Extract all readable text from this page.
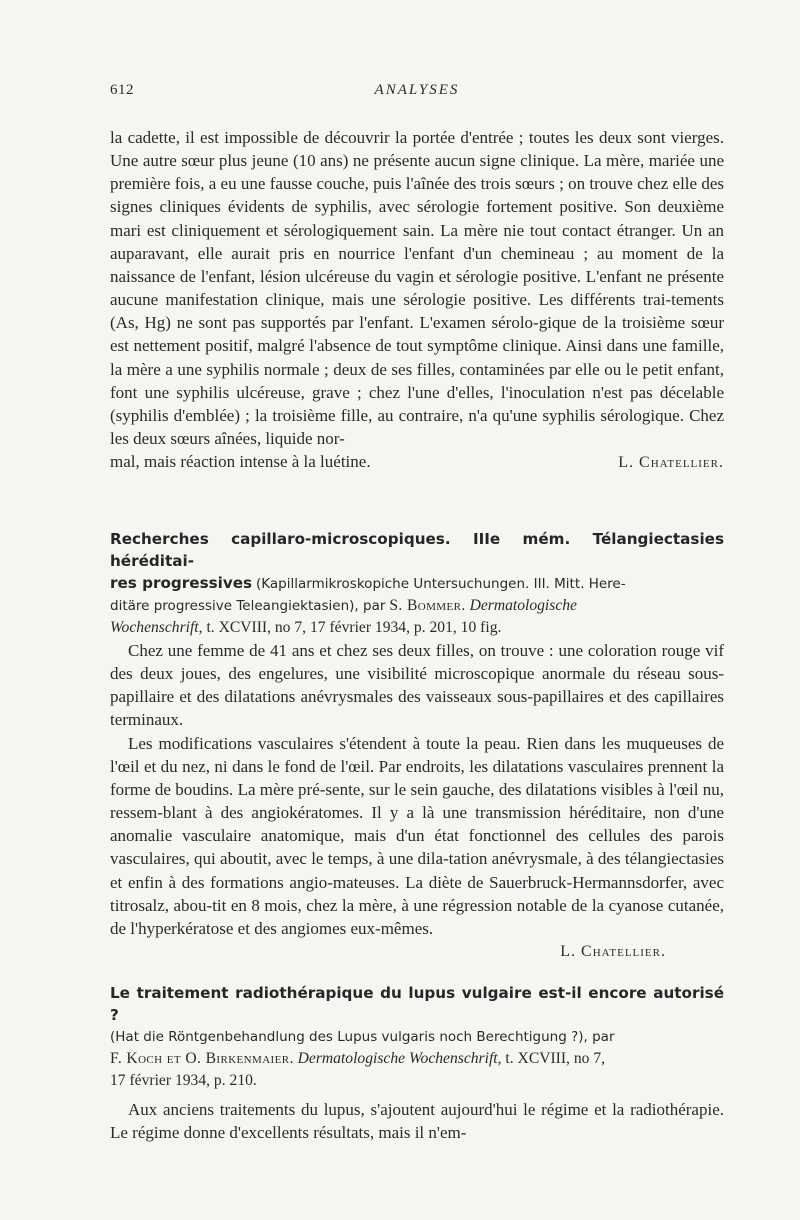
612	ANALYSES

la cadette, il est impossible de découvrir la portée d'entrée ; toutes les deux sont vierges. Une autre sœur plus jeune (10 ans) ne présente aucun signe clinique. La mère, mariée une première fois, a eu une fausse couche, puis l'aînée des trois sœurs ; on trouve chez elle des signes cliniques évidents de syphilis, avec sérologie fortement positive. Son deuxième mari est cliniquement et sérologiquement sain. La mère nie tout contact étranger. Un an auparavant, elle aurait pris en nourrice l'enfant d'un chemineau ; au moment de la naissance de l'enfant, lésion ulcéreuse du vagin et sérologie positive. L'enfant ne présente aucune manifestation clinique, mais une sérologie positive. Les différents trai-tements (As, Hg) ne sont pas supportés par l'enfant. L'examen sérolo-gique de la troisième sœur est nettement positif, malgré l'absence de tout symptôme clinique. Ainsi dans une famille, la mère a une syphilis normale ; deux de ses filles, contaminées par elle ou le petit enfant, font une syphilis ulcéreuse, grave ; chez l'une d'elles, l'inoculation n'est pas décelable (syphilis d'emblée) ; la troisième fille, au contraire, n'a qu'une syphilis sérologique. Chez les deux sœurs aînées, liquide nor-

mal, mais réaction intense à la luétine.	L. Chatellier.

Recherches capillaro-microscopiques. IIIe mém. Télangiectasies héréditai-

res progressives (Kapillarmikroskopiche Untersuchungen. III. Mitt. Here-

ditäre progressive Teleangiektasien), par S. Bommer. Dermatologische

Wochenschrift, t. XCVIII, no 7, 17 février 1934, p. 201, 10 fig.

Chez une femme de 41 ans et chez ses deux filles, on trouve : une coloration rouge vif des deux joues, des engelures, une visibilité microscopique anormale du réseau sous-papillaire et des dilatations anévrysmales des vaisseaux sous-papillaires et des capillaires terminaux.

Les modifications vasculaires s'étendent à toute la peau. Rien dans les muqueuses de l'œil et du nez, ni dans le fond de l'œil. Par endroits, les dilatations vasculaires prennent la forme de boudins. La mère pré-sente, sur le sein gauche, des dilatations visibles à l'œil nu, ressem-blant à des angiokératomes. Il y a là une transmission héréditaire, non d'une anomalie vasculaire anatomique, mais d'un état fonctionnel des cellules des parois vasculaires, qui aboutit, avec le temps, à une dila-tation anévrysmale, à des télangiectasies et enfin à des formations angio-mateuses. La diète de Sauerbruck-Hermannsdorfer, avec titrosalz, abou-tit en 8 mois, chez la mère, à une régression notable de la cyanose cutanée, de l'hyperkératose et des angiomes eux-mêmes.

L. Chatellier.

Le traitement radiothérapique du lupus vulgaire est-il encore autorisé ?

(Hat die Röntgenbehandlung des Lupus vulgaris noch Berechtigung ?), par

F. Koch et O. Birkenmaier. Dermatologische Wochenschrift, t. XCVIII, no 7,

17 février 1934, p. 210.

Aux anciens traitements du lupus, s'ajoutent aujourd'hui le régime et la radiothérapie. Le régime donne d'excellents résultats, mais il n'em-
